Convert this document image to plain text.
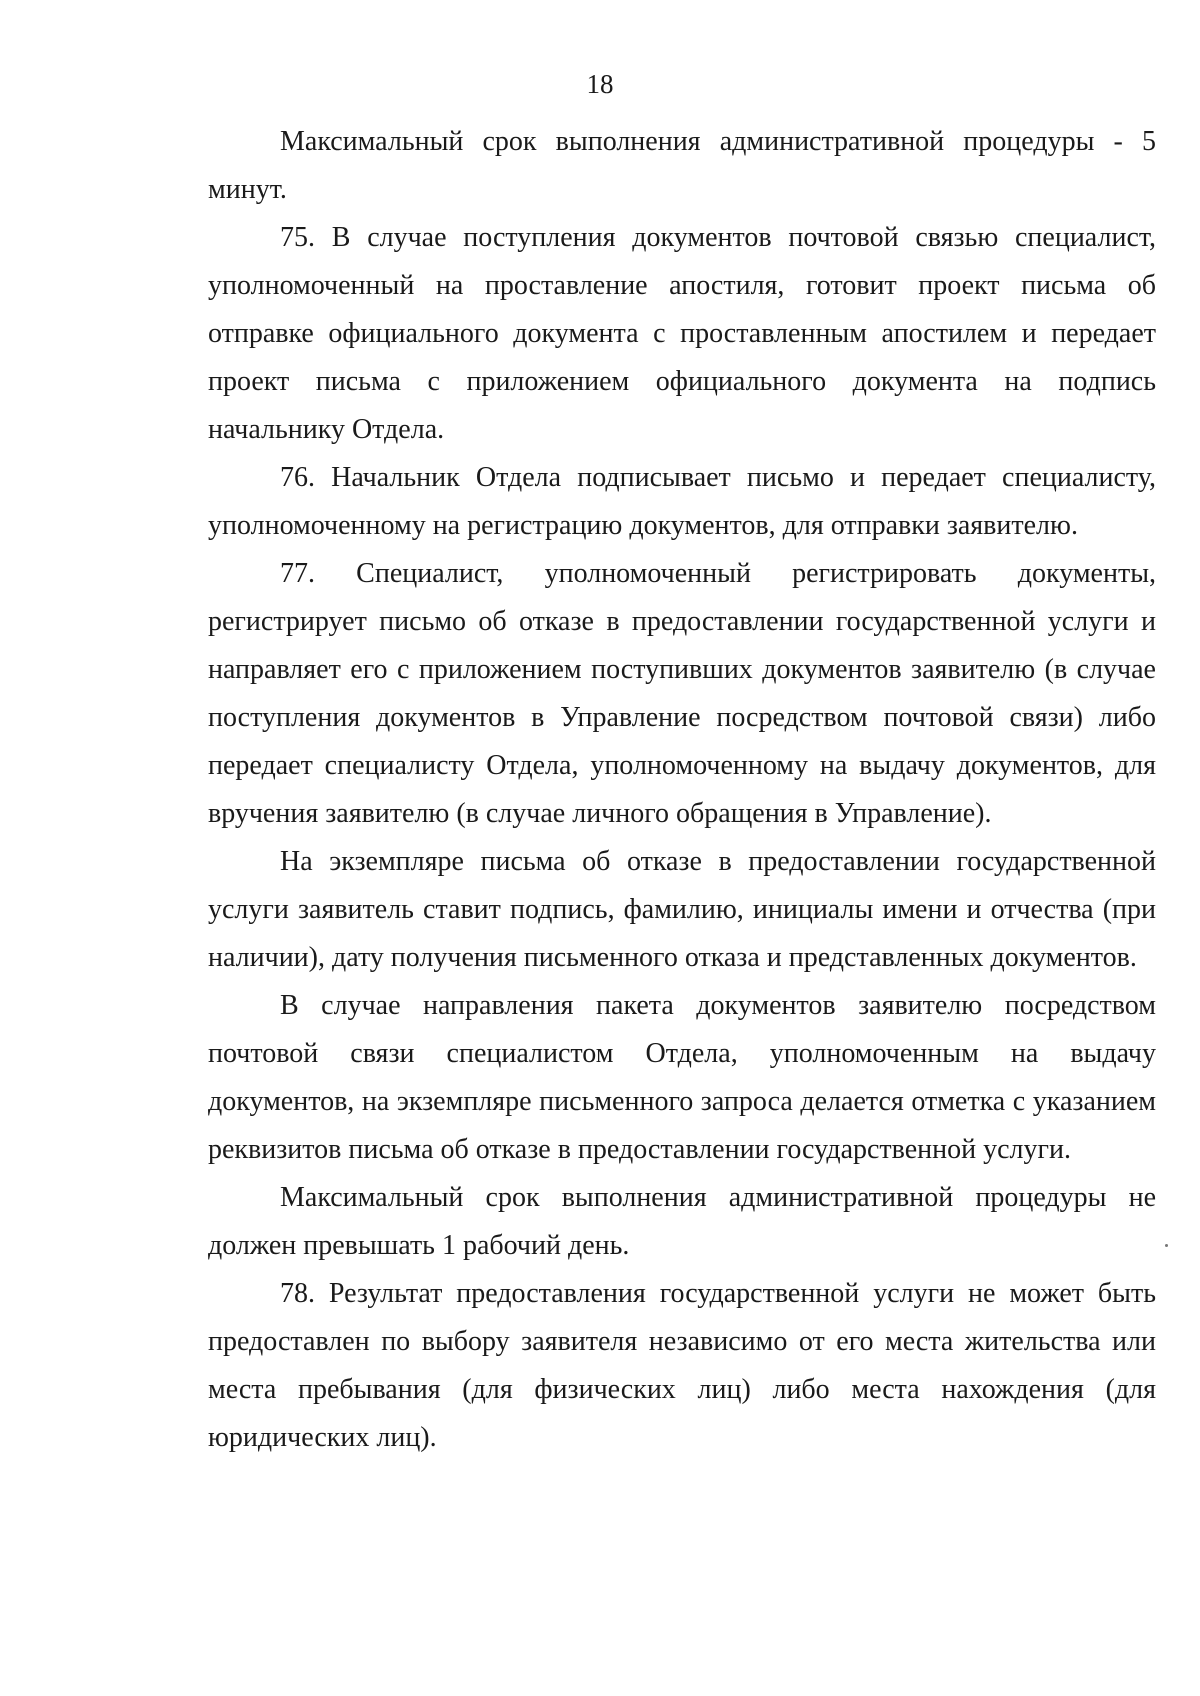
18

Максимальный срок выполнения административной процедуры - 5 минут.

75. В случае поступления документов почтовой связью специалист, уполномоченный на проставление апостиля, готовит проект письма об отправке официального документа с проставленным апостилем и передает проект письма с приложением официального документа на подпись начальнику Отдела.

76. Начальник Отдела подписывает письмо и передает специалисту, уполномоченному на регистрацию документов, для отправки заявителю.

77. Специалист, уполномоченный регистрировать документы, регистрирует письмо об отказе в предоставлении государственной услуги и направляет его с приложением поступивших документов заявителю (в случае поступления документов в Управление посредством почтовой связи) либо передает специалисту Отдела, уполномоченному на выдачу документов, для вручения заявителю (в случае личного обращения в Управление).

На экземпляре письма об отказе в предоставлении государственной услуги заявитель ставит подпись, фамилию, инициалы имени и отчества (при наличии), дату получения письменного отказа и представленных документов.

В случае направления пакета документов заявителю посредством почтовой связи специалистом Отдела, уполномоченным на выдачу документов, на экземпляре письменного запроса делается отметка с указанием реквизитов письма об отказе в предоставлении государственной услуги.

Максимальный срок выполнения административной процедуры не должен превышать 1 рабочий день.

78. Результат предоставления государственной услуги не может быть предоставлен по выбору заявителя независимо от его места жительства или места пребывания (для физических лиц) либо места нахождения (для юридических лиц).
